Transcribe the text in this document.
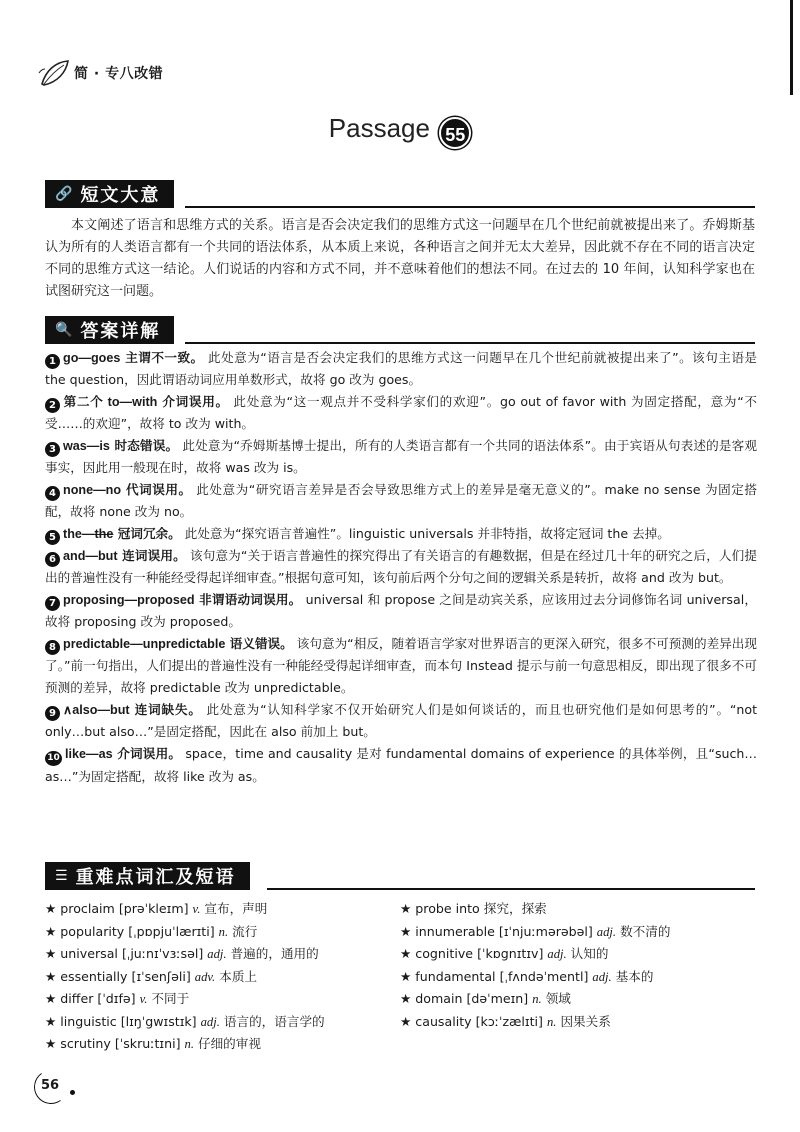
简 · 专八改错
Passage 55
🔗 短文大意
本文阐述了语言和思维方式的关系。语言是否会决定我们的思维方式这一问题早在几个世纪前就被提出来了。乔姆斯基认为所有的人类语言都有一个共同的语法体系，从本质上来说，各种语言之间并无太大差异，因此就不存在不同的语言决定不同的思维方式这一结论。人们说话的内容和方式不同，并不意味着他们的想法不同。在过去的 10 年间，认知科学家也在试图研究这一问题。
🔍 答案详解

1 go—goes 主谓不一致。 此处意为“语言是否会决定我们的思维方式这一问题早在几个世纪前就被提出来了”。该句主语是 the question，因此谓语动词应用单数形式，故将 go 改为 goes。

2 第二个 to—with 介词误用。 此处意为“这一观点并不受科学家们的欢迎”。go out of favor with 为固定搭配，意为“不受……的欢迎”，故将 to 改为 with。

3 was—is 时态错误。 此处意为“乔姆斯基博士提出，所有的人类语言都有一个共同的语法体系”。由于宾语从句表述的是客观事实，因此用一般现在时，故将 was 改为 is。

4 none—no 代词误用。 此处意为“研究语言差异是否会导致思维方式上的差异是毫无意义的”。make no sense 为固定搭配，故将 none 改为 no。

5 the—the 冠词冗余。 此处意为“探究语言普遍性”。linguistic universals 并非特指，故将定冠词 the 去掉。

6 and—but 连词误用。 该句意为“关于语言普遍性的探究得出了有关语言的有趣数据，但是在经过几十年的研究之后，人们提出的普遍性没有一种能经受得起详细审查。”根据句意可知，该句前后两个分句之间的逻辑关系是转折，故将 and 改为 but。

7 proposing—proposed 非谓语动词误用。 universal 和 propose 之间是动宾关系，应该用过去分词修饰名词 universal，故将 proposing 改为 proposed。

8 predictable—unpredictable 语义错误。 该句意为“相反，随着语言学家对世界语言的更深入研究，很多不可预测的差异出现了。”前一句指出，人们提出的普遍性没有一种能经受得起详细审查，而本句 Instead 提示与前一句意思相反，即出现了很多不可预测的差异，故将 predictable 改为 unpredictable。

9 ∧also—but 连词缺失。 此处意为“认知科学家不仅开始研究人们是如何谈话的，而且也研究他们是如何思考的”。“not only…but also…”是固定搭配，因此在 also 前加上 but。

10 like—as 介词误用。 space，time and causality 是对 fundamental domains of experience 的具体举例，且“such…as…”为固定搭配，故将 like 改为 as。

☰ 重难点词汇及短语
★ proclaim [prəˈkleɪm] v. 宣布，声明
★ popularity [ˌpɒpjuˈlærɪti] n. 流行
★ universal [ˌjuːnɪˈvɜːsəl] adj. 普遍的，通用的
★ essentially [ɪˈsenʃəli] adv. 本质上
★ differ [ˈdɪfə] v. 不同于
★ linguistic [lɪŋˈgwɪstɪk] adj. 语言的，语言学的
★ scrutiny [ˈskruːtɪni] n. 仔细的审视
★ probe into 探究，探索
★ innumerable [ɪˈnjuːmərəbəl] adj. 数不清的
★ cognitive [ˈkɒgnɪtɪv] adj. 认知的
★ fundamental [ˌfʌndəˈmentl] adj. 基本的
★ domain [dəˈmeɪn] n. 领域
★ causality [kɔːˈzælɪti] n. 因果关系
56
